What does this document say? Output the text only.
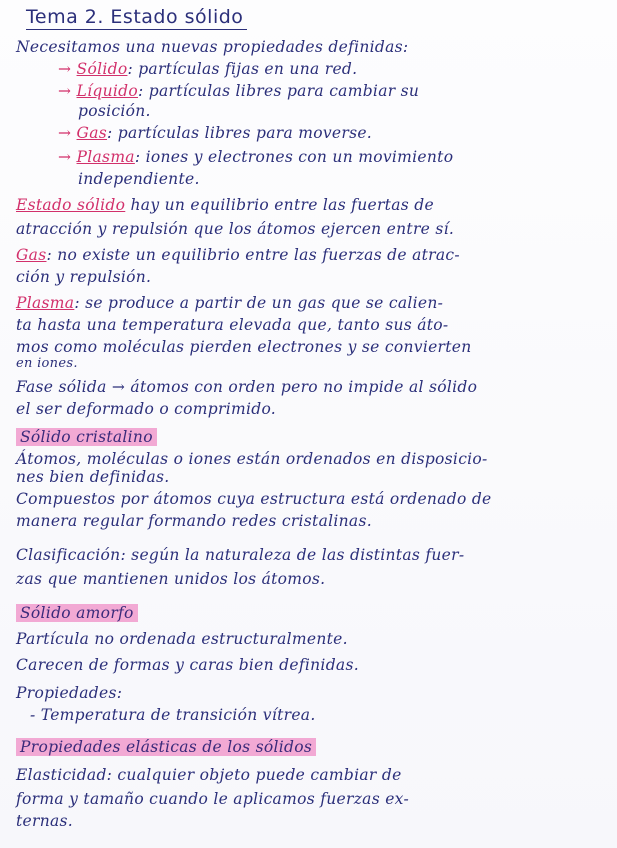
Tema 2. Estado sólido
Necesitamos una nuevas propiedades definidas:
→ Sólido: partículas fijas en una red.
→ Líquido: partículas libres para cambiar su
posición.
→ Gas: partículas libres para moverse.
→ Plasma: iones y electrones con un movimiento
independiente.
Estado sólido hay un equilibrio entre las fuertas de
atracción y repulsión que los átomos ejercen entre sí.
Gas: no existe un equilibrio entre las fuerzas de atrac-
ción y repulsión.
Plasma: se produce a partir de un gas que se calien-
ta hasta una temperatura elevada que, tanto sus áto-
mos como moléculas pierden electrones y se convierten
en iones.
Fase sólida → átomos con orden pero no impide al sólido
el ser deformado o comprimido.
Sólido cristalino
Átomos, moléculas o iones están ordenados en disposicio-
nes bien definidas.
Compuestos por átomos cuya estructura está ordenado de
manera regular formando redes cristalinas.
Clasificación: según la naturaleza de las distintas fuer-
zas que mantienen unidos los átomos.
Sólido amorfo
Partícula no ordenada estructuralmente.
Carecen de formas y caras bien definidas.
Propiedades:
- Temperatura de transición vítrea.
Propiedades elásticas de los sólidos
Elasticidad: cualquier objeto puede cambiar de
forma y tamaño cuando le aplicamos fuerzas ex-
ternas.
